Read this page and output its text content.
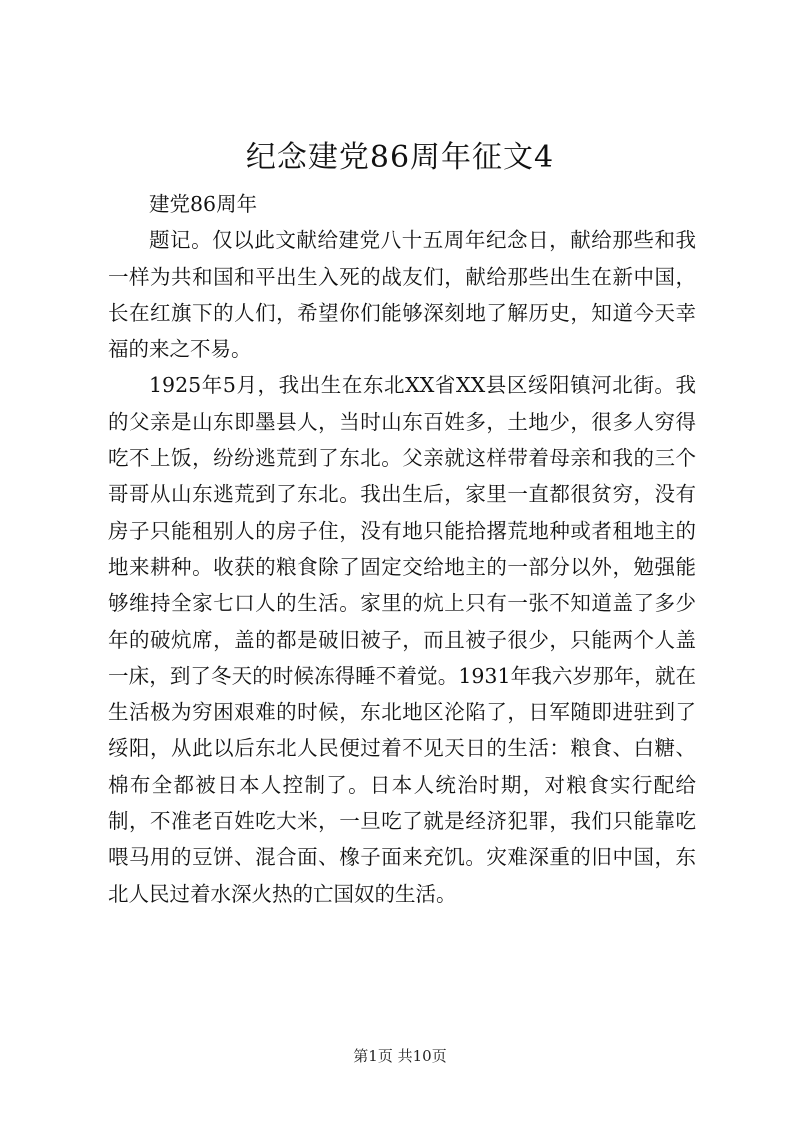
纪念建党86周年征文4

建党86周年

题记。仅以此文献给建党八十五周年纪念日，献给那些和我一样为共和国和平出生入死的战友们，献给那些出生在新中国，长在红旗下的人们，希望你们能够深刻地了解历史，知道今天幸福的来之不易。

1925年5月，我出生在东北XX省XX县区绥阳镇河北街。我的父亲是山东即墨县人，当时山东百姓多，土地少，很多人穷得吃不上饭，纷纷逃荒到了东北。父亲就这样带着母亲和我的三个哥哥从山东逃荒到了东北。我出生后，家里一直都很贫穷，没有房子只能租别人的房子住，没有地只能拾撂荒地种或者租地主的地来耕种。收获的粮食除了固定交给地主的一部分以外，勉强能够维持全家七口人的生活。家里的炕上只有一张不知道盖了多少年的破炕席，盖的都是破旧被子，而且被子很少，只能两个人盖一床，到了冬天的时候冻得睡不着觉。1931年我六岁那年，就在生活极为穷困艰难的时候，东北地区沦陷了，日军随即进驻到了绥阳，从此以后东北人民便过着不见天日的生活：粮食、白糖、棉布全都被日本人控制了。日本人统治时期，对粮食实行配给制，不准老百姓吃大米，一旦吃了就是经济犯罪，我们只能靠吃喂马用的豆饼、混合面、橡子面来充饥。灾难深重的旧中国，东北人民过着水深火热的亡国奴的生活。

第1页 共10页
